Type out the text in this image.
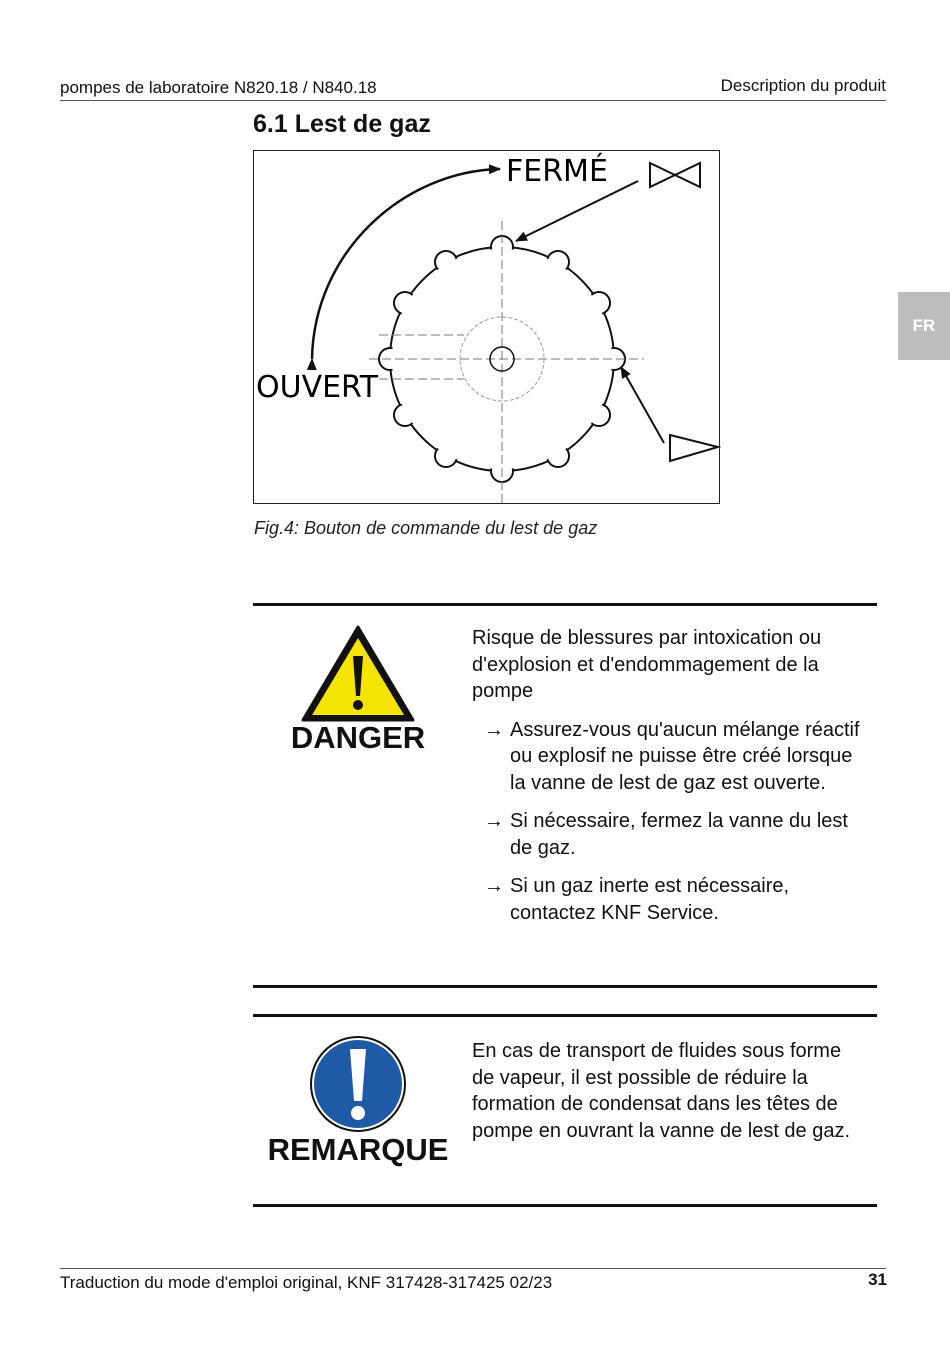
pompes de laboratoire N820.18 / N840.18	Description du produit
FR
6.1 Lest de gaz
FERMÉ
OUVERT
Fig.4: Bouton de commande du lest de gaz
DANGER
Risque de blessures par intoxication ou d'explosion et d'endommagement de la pompe
→ Assurez-vous qu'aucun mélange réactif ou explosif ne puisse être créé lorsque la vanne de lest de gaz est ouverte.
→ Si nécessaire, fermez la vanne du lest de gaz.
→ Si un gaz inerte est nécessaire, contactez KNF Service.
REMARQUE
En cas de transport de fluides sous forme de vapeur, il est possible de réduire la formation de condensat dans les têtes de pompe en ouvrant la vanne de lest de gaz.
Traduction du mode d'emploi original, KNF 317428-317425 02/23	31
